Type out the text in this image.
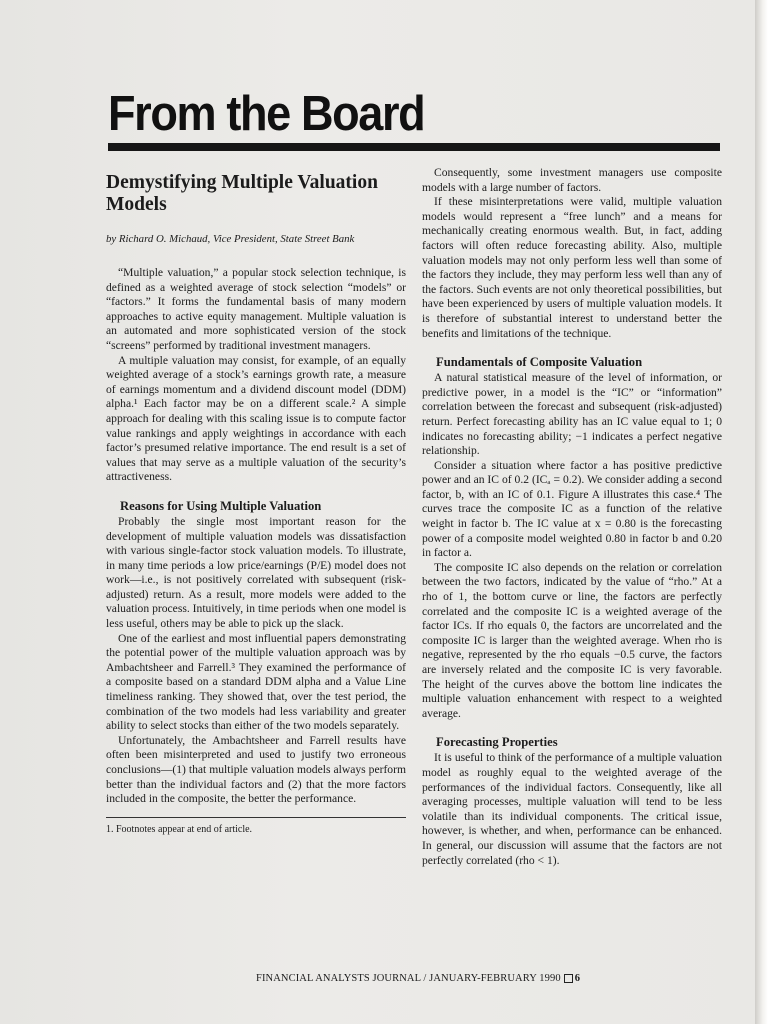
From the Board
Demystifying Multiple Valuation Models
by Richard O. Michaud, Vice President, State Street Bank

“Multiple valuation,” a popular stock selection technique, is defined as a weighted average of stock selection “models” or “factors.” It forms the fundamental basis of many modern approaches to active equity management. Multiple valuation is an automated and more sophisticated version of the stock “screens” performed by traditional investment managers.

A multiple valuation may consist, for example, of an equally weighted average of a stock’s earnings growth rate, a measure of earnings momentum and a dividend discount model (DDM) alpha.¹ Each factor may be on a different scale.² A simple approach for dealing with this scaling issue is to compute factor value rankings and apply weightings in accordance with each factor’s presumed relative importance. The end result is a set of values that may serve as a multiple valuation of the security’s attractiveness.

Reasons for Using Multiple Valuation

Probably the single most important reason for the development of multiple valuation models was dissatisfaction with various single-factor stock valuation models. To illustrate, in many time periods a low price/earnings (P/E) model does not work—i.e., is not positively correlated with subsequent (risk-adjusted) return. As a result, more models were added to the valuation process. Intuitively, in time periods when one model is less useful, others may be able to pick up the slack.

One of the earliest and most influential papers demonstrating the potential power of the multiple valuation approach was by Ambachtsheer and Farrell.³ They examined the performance of a composite based on a standard DDM alpha and a Value Line timeliness ranking. They showed that, over the test period, the combination of the two models had less variability and greater ability to select stocks than either of the two models separately.

Unfortunately, the Ambachtsheer and Farrell results have often been misinterpreted and used to justify two erroneous conclusions—(1) that multiple valuation models always perform better than the individual factors and (2) that the more factors included in the composite, the better the performance.

1. Footnotes appear at end of article.

Consequently, some investment managers use composite models with a large number of factors.

If these misinterpretations were valid, multiple valuation models would represent a “free lunch” and a means for mechanically creating enormous wealth. But, in fact, adding factors will often reduce forecasting ability. Also, multiple valuation models may not only perform less well than some of the factors they include, they may perform less well than any of the factors. Such events are not only theoretical possibilities, but have been experienced by users of multiple valuation models. It is therefore of substantial interest to understand better the benefits and limitations of the technique.

Fundamentals of Composite Valuation

A natural statistical measure of the level of information, or predictive power, in a model is the “IC” or “information” correlation between the forecast and subsequent (risk-adjusted) return. Perfect forecasting ability has an IC value equal to 1; 0 indicates no forecasting ability; −1 indicates a perfect negative relationship.

Consider a situation where factor a has positive predictive power and an IC of 0.2 (ICₐ = 0.2). We consider adding a second factor, b, with an IC of 0.1. Figure A illustrates this case.⁴ The curves trace the composite IC as a function of the relative weight in factor b. The IC value at x = 0.80 is the forecasting power of a composite model weighted 0.80 in factor b and 0.20 in factor a.

The composite IC also depends on the relation or correlation between the two factors, indicated by the value of “rho.” At a rho of 1, the bottom curve or line, the factors are perfectly correlated and the composite IC is a weighted average of the factor ICs. If rho equals 0, the factors are uncorrelated and the composite IC is larger than the weighted average. When rho is negative, represented by the rho equals −0.5 curve, the factors are inversely related and the composite IC is very favorable. The height of the curves above the bottom line indicates the multiple valuation enhancement with respect to a weighted average.

Forecasting Properties

It is useful to think of the performance of a multiple valuation model as roughly equal to the weighted average of the performances of the individual factors. Consequently, like all averaging processes, multiple valuation will tend to be less volatile than its individual components. The critical issue, however, is whether, and when, performance can be enhanced. In general, our discussion will assume that the factors are not perfectly correlated (rho < 1).

FINANCIAL ANALYSTS JOURNAL / JANUARY-FEBRUARY 1990 6
